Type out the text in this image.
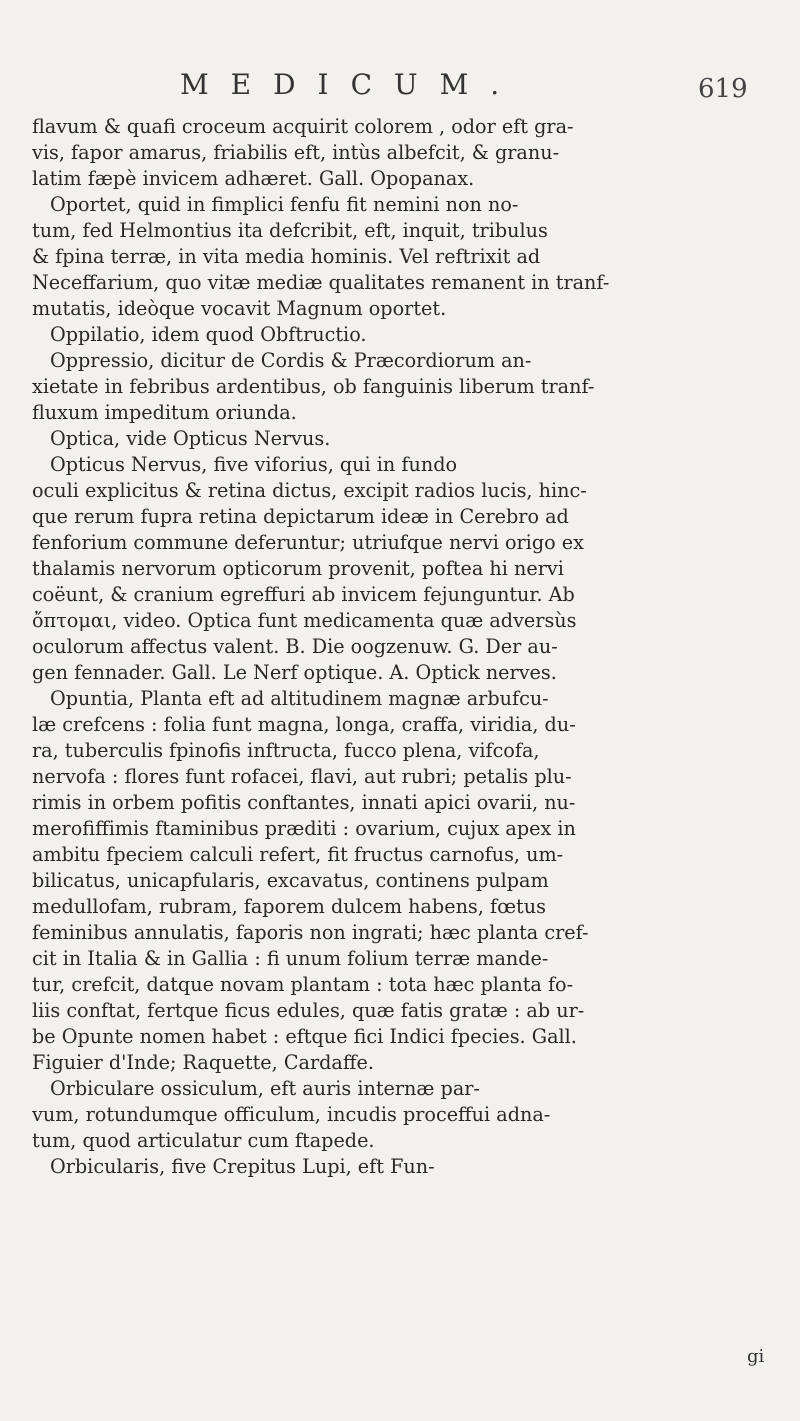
MEDICUM.	619
flavum & quafi croceum acquirit colorem , odor eft gra-
vis, fapor amarus, friabilis eft, intùs albefcit, & granu-
latim fæpè invicem adhæret. Gall. Opopanax.
Oportet, quid in fimplici fenfu fit nemini non no-
tum, fed Helmontius ita defcribit, eft, inquit, tribulus
& fpina terræ, in vita media hominis. Vel reftrixit ad
Neceffarium, quo vitæ mediæ qualitates remanent in tranf-
mutatis, ideòque vocavit Magnum oportet.
Oppilatio, idem quod Obftructio.
Oppressio, dicitur de Cordis & Præcordiorum an-
xietate in febribus ardentibus, ob fanguinis liberum tranf-
fluxum impeditum oriunda.
Optica, vide Opticus Nervus.
Opticus Nervus, five viforius, qui in fundo
oculi explicitus & retina dictus, excipit radios lucis, hinc-
que rerum fupra retina depictarum ideæ in Cerebro ad
fenforium commune deferuntur; utriufque nervi origo ex
thalamis nervorum opticorum provenit, poftea hi nervi
coëunt, & cranium egreffuri ab invicem fejunguntur. Ab
ὄπτομαι, video. Optica funt medicamenta quæ adversùs
oculorum affectus valent. B. Die oogzenuw. G. Der au-
gen fennader. Gall. Le Nerf optique. A. Optick nerves.
Opuntia, Planta eft ad altitudinem magnæ arbufcu-
læ crefcens : folia funt magna, longa, craffa, viridia, du-
ra, tuberculis fpinofis inftructa, fucco plena, vifcofa,
nervofa : flores funt rofacei, flavi, aut rubri; petalis plu-
rimis in orbem pofitis conftantes, innati apici ovarii, nu-
merofiffimis ftaminibus præditi : ovarium, cujux apex in
ambitu fpeciem calculi refert, fit fructus carnofus, um-
bilicatus, unicapfularis, excavatus, continens pulpam
medullofam, rubram, faporem dulcem habens, fœtus
feminibus annulatis, faporis non ingrati; hæc planta cref-
cit in Italia & in Gallia : fi unum folium terræ mande-
tur, crefcit, datque novam plantam : tota hæc planta fo-
liis conftat, fertque ficus edules, quæ fatis gratæ : ab ur-
be Opunte nomen habet : eftque fici Indici fpecies. Gall.
Figuier d'Inde; Raquette, Cardaffe.
Orbiculare ossiculum, eft auris internæ par-
vum, rotundumque officulum, incudis proceffui adna-
tum, quod articulatur cum ftapede.
Orbicularis, five Crepitus Lupi, eft Fun-
gi
